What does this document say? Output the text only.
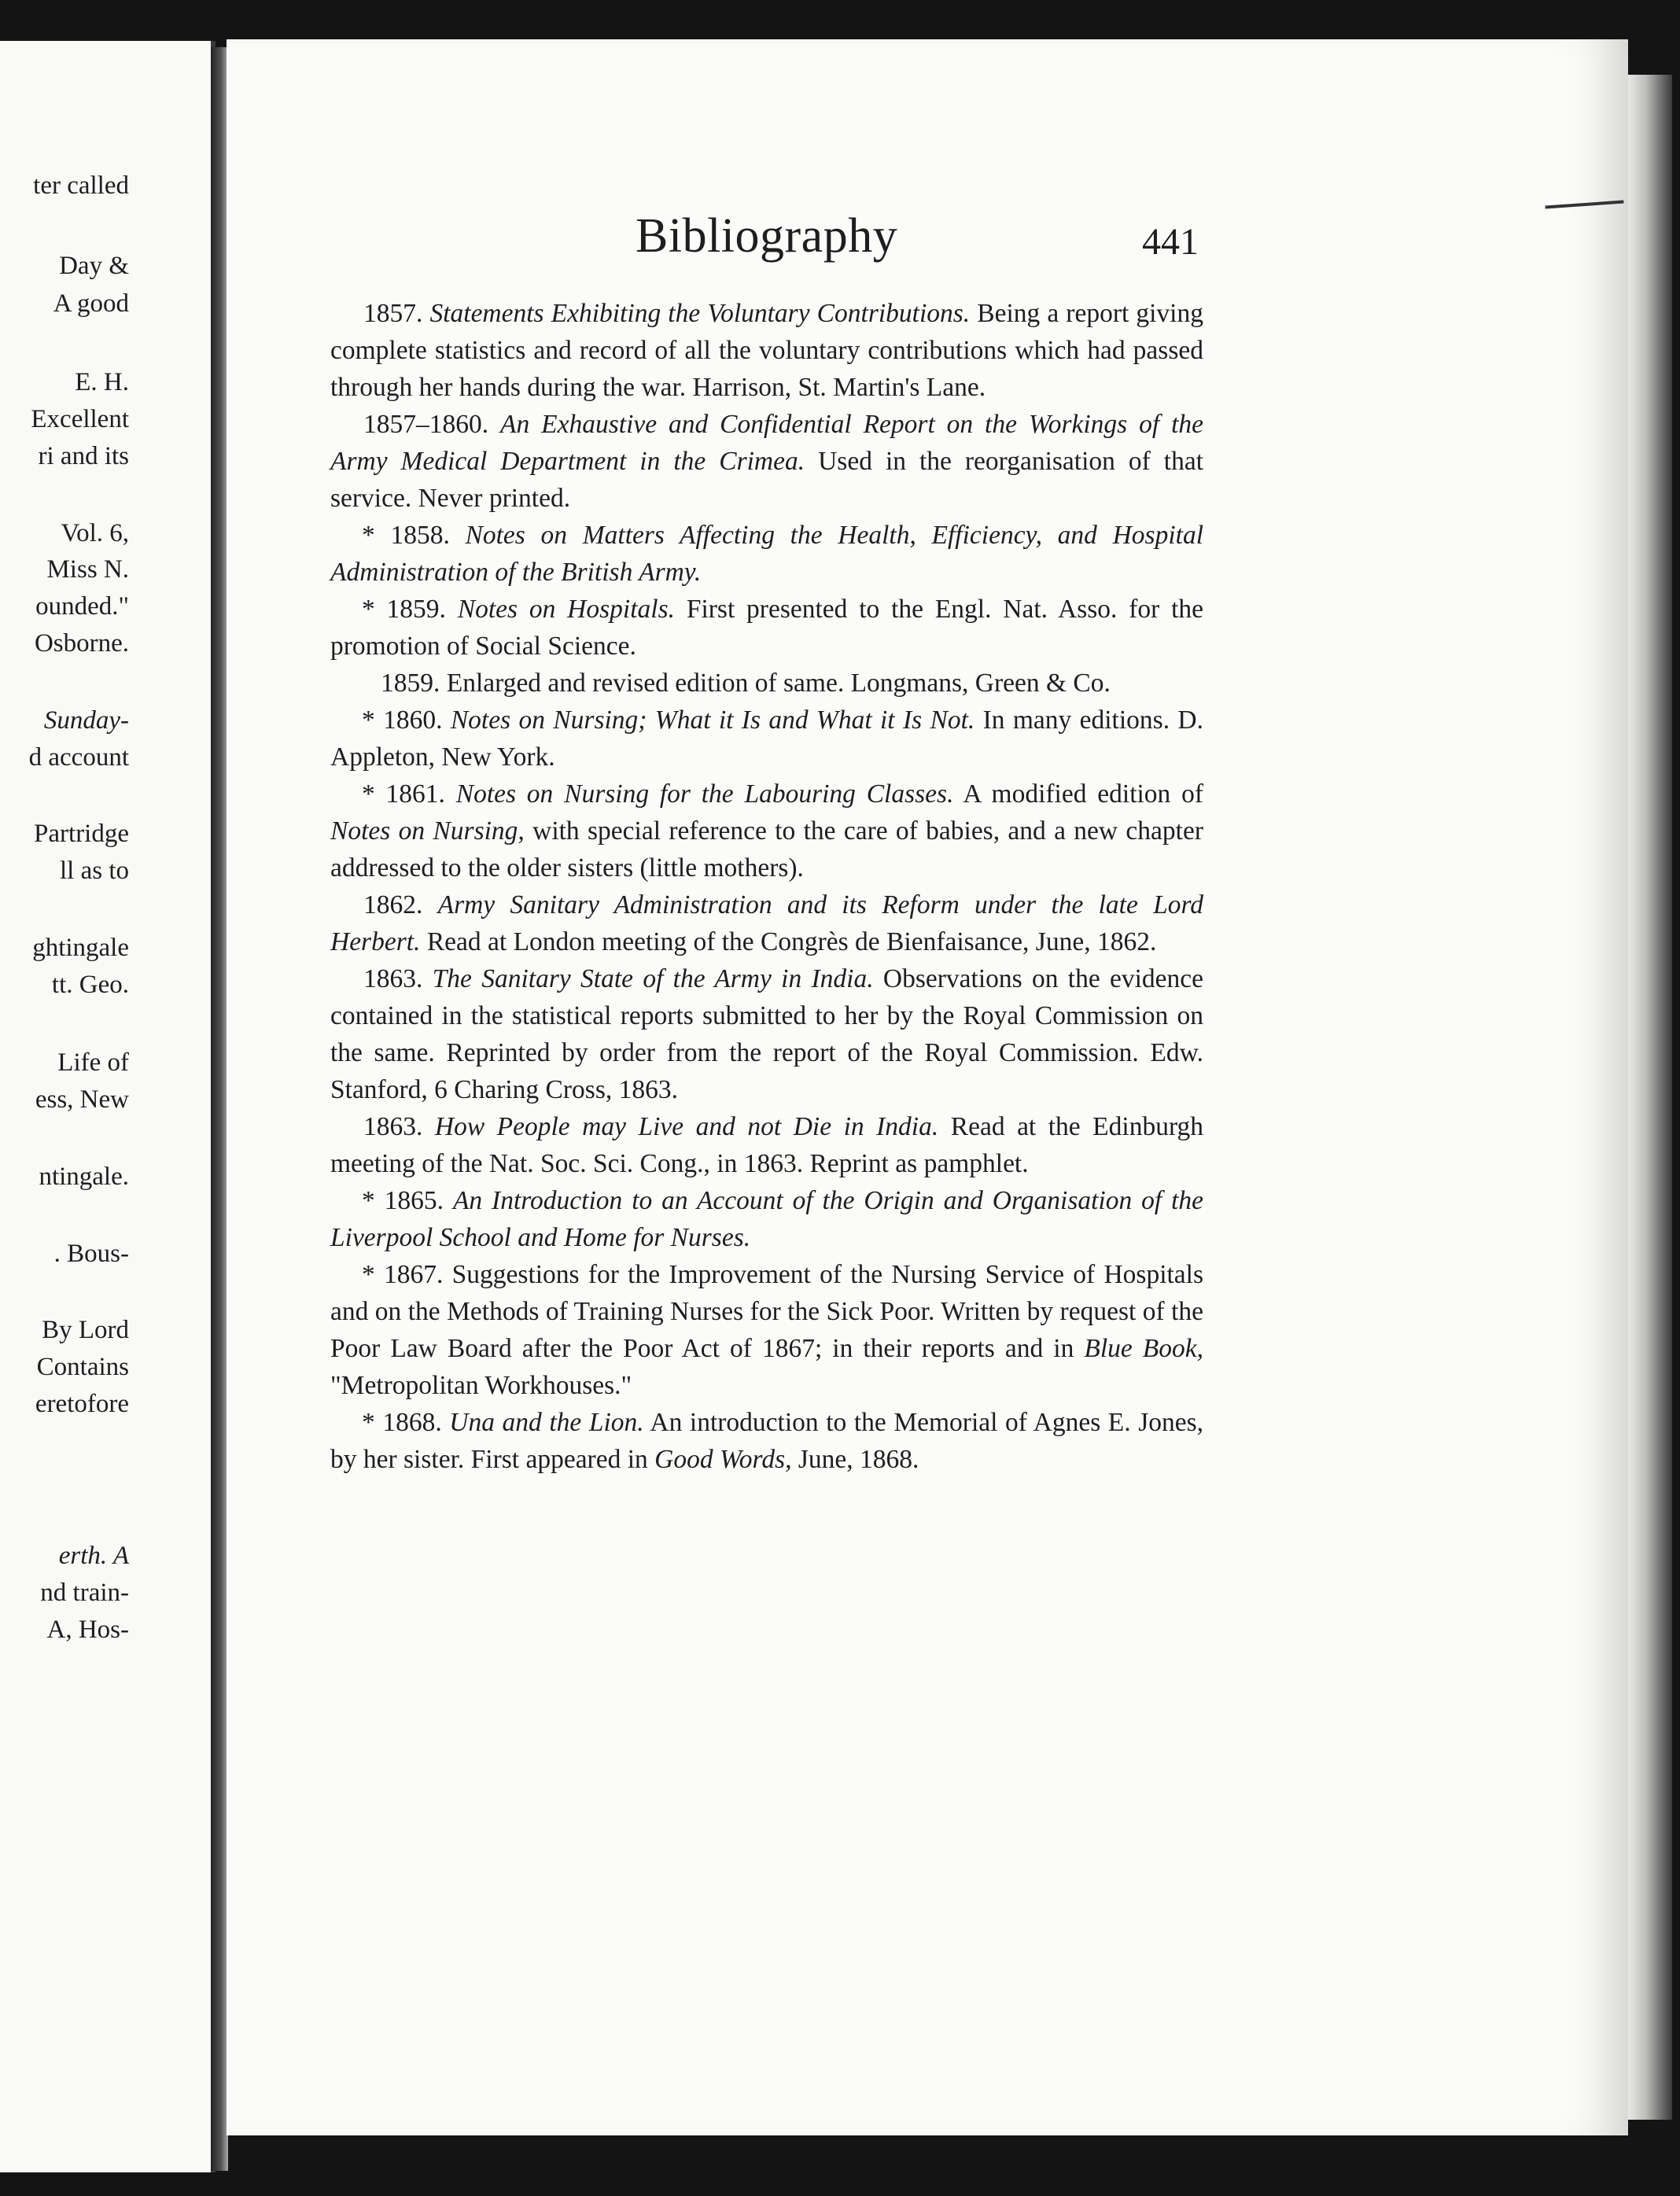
ter called
Day &
A good
E. H.
Excellent
ri and its
Vol. 6,
Miss N.
ounded."
Osborne.
Sunday-
d account
Partridge
ll as to
ghtingale
tt. Geo.
Life of
ess, New
ntingale.
. Bous-
By Lord
Contains
eretofore
erth. A
nd train-
A, Hos-
Bibliography	441

1857. Statements Exhibiting the Voluntary Contributions. Being a report giving complete statistics and record of all the voluntary contributions which had passed through her hands during the war. Harrison, St. Martin's Lane.

1857–1860. An Exhaustive and Confidential Report on the Workings of the Army Medical Department in the Crimea. Used in the reorganisation of that service. Never printed.

* 1858. Notes on Matters Affecting the Health, Efficiency, and Hospital Administration of the British Army.

* 1859. Notes on Hospitals. First presented to the Engl. Nat. Asso. for the promotion of Social Science.

1859. Enlarged and revised edition of same. Longmans, Green & Co.

* 1860. Notes on Nursing; What it Is and What it Is Not. In many editions. D. Appleton, New York.

* 1861. Notes on Nursing for the Labouring Classes. A modified edition of Notes on Nursing, with special reference to the care of babies, and a new chapter addressed to the older sisters (little mothers).

1862. Army Sanitary Administration and its Reform under the late Lord Herbert. Read at London meeting of the Congrès de Bienfaisance, June, 1862.

1863. The Sanitary State of the Army in India. Observations on the evidence contained in the statistical reports submitted to her by the Royal Commission on the same. Reprinted by order from the report of the Royal Commission. Edw. Stanford, 6 Charing Cross, 1863.

1863. How People may Live and not Die in India. Read at the Edinburgh meeting of the Nat. Soc. Sci. Cong., in 1863. Reprint as pamphlet.

* 1865. An Introduction to an Account of the Origin and Organisation of the Liverpool School and Home for Nurses.

* 1867. Suggestions for the Improvement of the Nursing Service of Hospitals and on the Methods of Training Nurses for the Sick Poor. Written by request of the Poor Law Board after the Poor Act of 1867; in their reports and in Blue Book, "Metropolitan Workhouses."

* 1868. Una and the Lion. An introduction to the Memorial of Agnes E. Jones, by her sister. First appeared in Good Words, June, 1868.
